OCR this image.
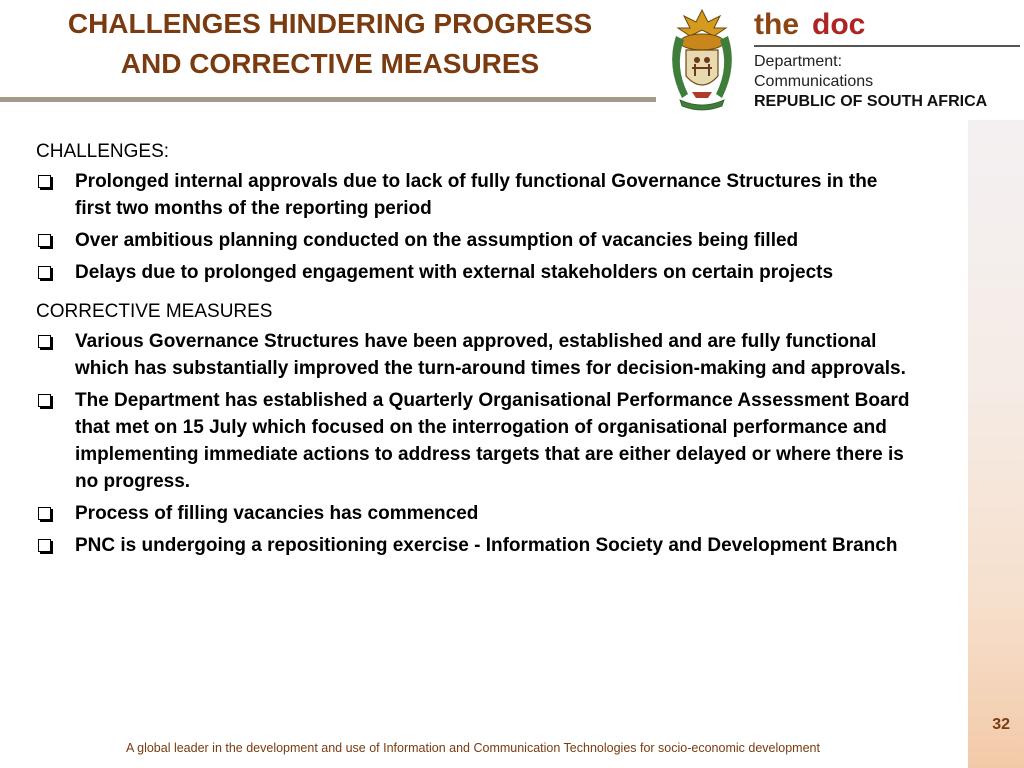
CHALLENGES HINDERING PROGRESS
AND CORRECTIVE MEASURES
the doc
Department:
Communications
REPUBLIC OF SOUTH AFRICA
CHALLENGES:
Prolonged internal approvals due to lack of fully functional Governance Structures in the first two months of the reporting period
Over ambitious planning conducted on the assumption of vacancies being filled
Delays due to prolonged engagement with external stakeholders on certain projects
CORRECTIVE MEASURES
Various Governance Structures have been approved, established and are fully functional which has substantially improved the turn-around times for decision-making and approvals.
The Department has established a Quarterly Organisational Performance Assessment Board that met on 15 July which focused on the interrogation of organisational performance and implementing immediate actions to address targets that are either delayed or where there is no progress.
Process of filling vacancies has commenced
PNC is undergoing a repositioning exercise - Information Society and Development Branch
32
A global leader in the development and use of Information and Communication Technologies for socio-economic development
